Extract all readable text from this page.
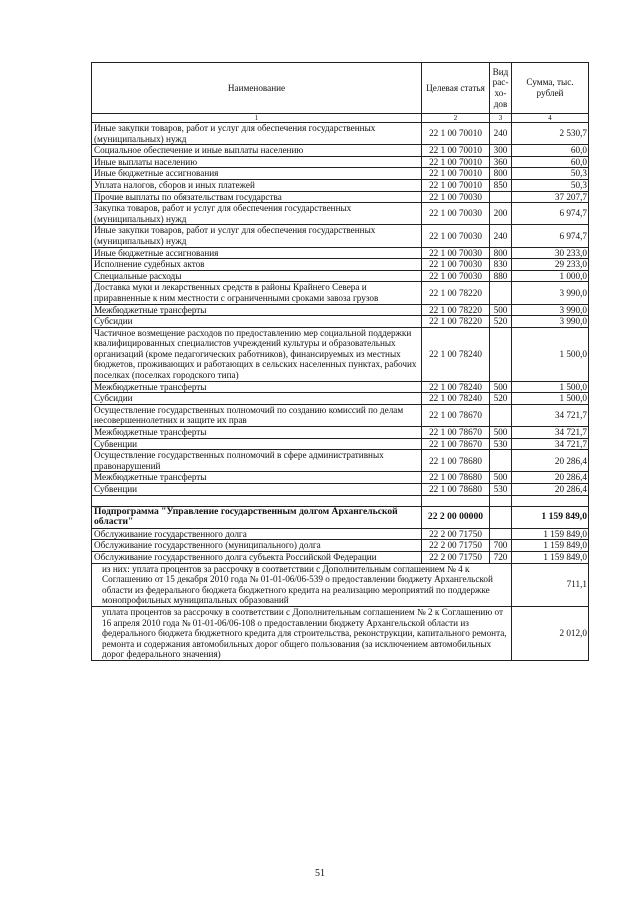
Наименование	Целевая статья	Вид рас-хо-дов	Сумма, тыс. рублей
1	2	3	4
Иные закупки товаров, работ и услуг для обеспечения государственных (муниципальных) нужд	22 1 00 70010	240	2 530,7
Социальное обеспечение и иные выплаты населению	22 1 00 70010	300	60,0
Иные выплаты населению	22 1 00 70010	360	60,0
Иные бюджетные ассигнования	22 1 00 70010	800	50,3
Уплата налогов, сборов и иных платежей	22 1 00 70010	850	50,3
Прочие выплаты по обязательствам государства	22 1 00 70030		37 207,7
Закупка товаров, работ и услуг для обеспечения государственных (муниципальных) нужд	22 1 00 70030	200	6 974,7
Иные закупки товаров, работ и услуг для обеспечения государственных (муниципальных) нужд	22 1 00 70030	240	6 974,7
Иные бюджетные ассигнования	22 1 00 70030	800	30 233,0
Исполнение судебных актов	22 1 00 70030	830	29 233,0
Специальные расходы	22 1 00 70030	880	1 000,0
Доставка муки и лекарственных средств в районы Крайнего Севера и приравненные к ним местности с ограниченными сроками завоза грузов	22 1 00 78220		3 990,0
Межбюджетные трансферты	22 1 00 78220	500	3 990,0
Субсидии	22 1 00 78220	520	3 990,0
Частичное возмещение расходов по предоставлению мер социальной поддержки квалифицированных специалистов учреждений культуры и образовательных организаций (кроме педагогических работников), финансируемых из местных бюджетов, проживающих и работающих в сельских населенных пунктах, рабочих поселках (поселках городского типа)	22 1 00 78240		1 500,0
Межбюджетные трансферты	22 1 00 78240	500	1 500,0
Субсидии	22 1 00 78240	520	1 500,0
Осуществление государственных полномочий по созданию комиссий по делам несовершеннолетних и защите их прав	22 1 00 78670		34 721,7
Межбюджетные трансферты	22 1 00 78670	500	34 721,7
Субвенции	22 1 00 78670	530	34 721,7
Осуществление государственных полномочий в сфере административных правонарушений	22 1 00 78680		20 286,4
Межбюджетные трансферты	22 1 00 78680	500	20 286,4
Субвенции	22 1 00 78680	530	20 286,4

Подпрограмма "Управление государственным долгом Архангельской области"	22 2 00 00000		1 159 849,0
Обслуживание государственного долга	22 2 00 71750		1 159 849,0
Обслуживание государственного (муниципального) долга	22 2 00 71750	700	1 159 849,0
Обслуживание государственного долга субъекта Российской Федерации	22 2 00 71750	720	1 159 849,0
из них: уплата процентов за рассрочку в соответствии с Дополнительным соглашением № 4 к Соглашению от 15 декабря 2010 года № 01-01-06/06-539 о предоставлении бюджету Архангельской области из федерального бюджета бюджетного кредита на реализацию мероприятий по поддержке монопрофильных муниципальных образований			711,1
уплата процентов за рассрочку в соответствии с Дополнительным соглашением № 2 к Соглашению от 16 апреля 2010 года № 01-01-06/06-108 о предоставлении бюджету Архангельской области из федерального бюджета бюджетного кредита для строительства, реконструкции, капитального ремонта, ремонта и содержания автомобильных дорог общего пользования (за исключением автомобильных дорог федерального значения)			2 012,0
51
